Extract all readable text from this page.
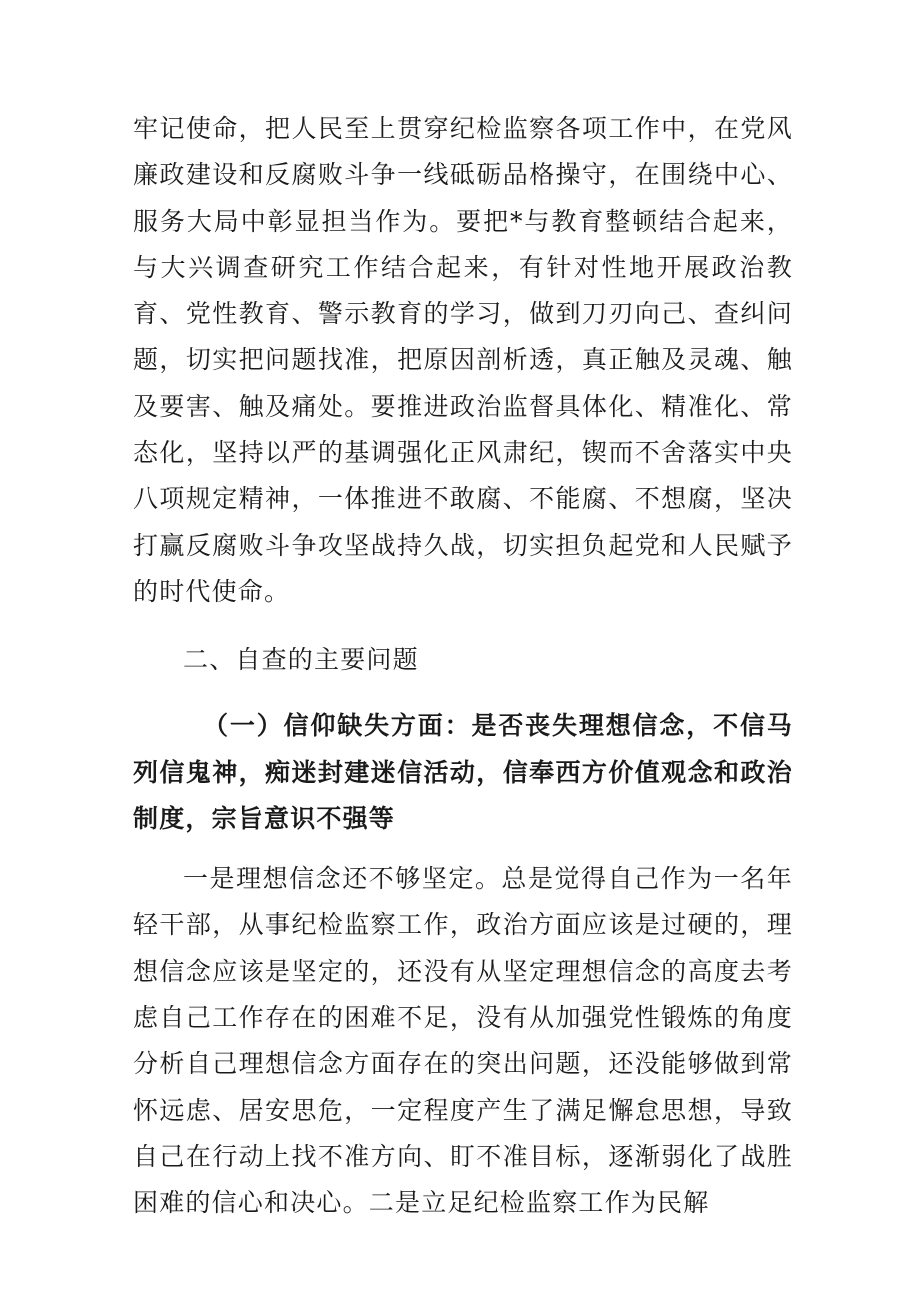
牢记使命，把人民至上贯穿纪检监察各项工作中，在党风廉政建设和反腐败斗争一线砥砺品格操守，在围绕中心、服务大局中彰显担当作为。要把*与教育整顿结合起来，与大兴调查研究工作结合起来，有针对性地开展政治教育、党性教育、警示教育的学习，做到刀刃向己、查纠问题，切实把问题找准，把原因剖析透，真正触及灵魂、触及要害、触及痛处。要推进政治监督具体化、精准化、常态化，坚持以严的基调强化正风肃纪，锲而不舍落实中央八项规定精神，一体推进不敢腐、不能腐、不想腐，坚决打赢反腐败斗争攻坚战持久战，切实担负起党和人民赋予的时代使命。

二、自查的主要问题
（一）信仰缺失方面：是否丧失理想信念，不信马列信鬼神，痴迷封建迷信活动，信奉西方价值观念和政治制度，宗旨意识不强等

一是理想信念还不够坚定。总是觉得自己作为一名年轻干部，从事纪检监察工作，政治方面应该是过硬的，理想信念应该是坚定的，还没有从坚定理想信念的高度去考虑自己工作存在的困难不足，没有从加强党性锻炼的角度分析自己理想信念方面存在的突出问题，还没能够做到常怀远虑、居安思危，一定程度产生了满足懈怠思想，导致自己在行动上找不准方向、盯不准目标，逐渐弱化了战胜困难的信心和决心。二是立足纪检监察工作为民解
